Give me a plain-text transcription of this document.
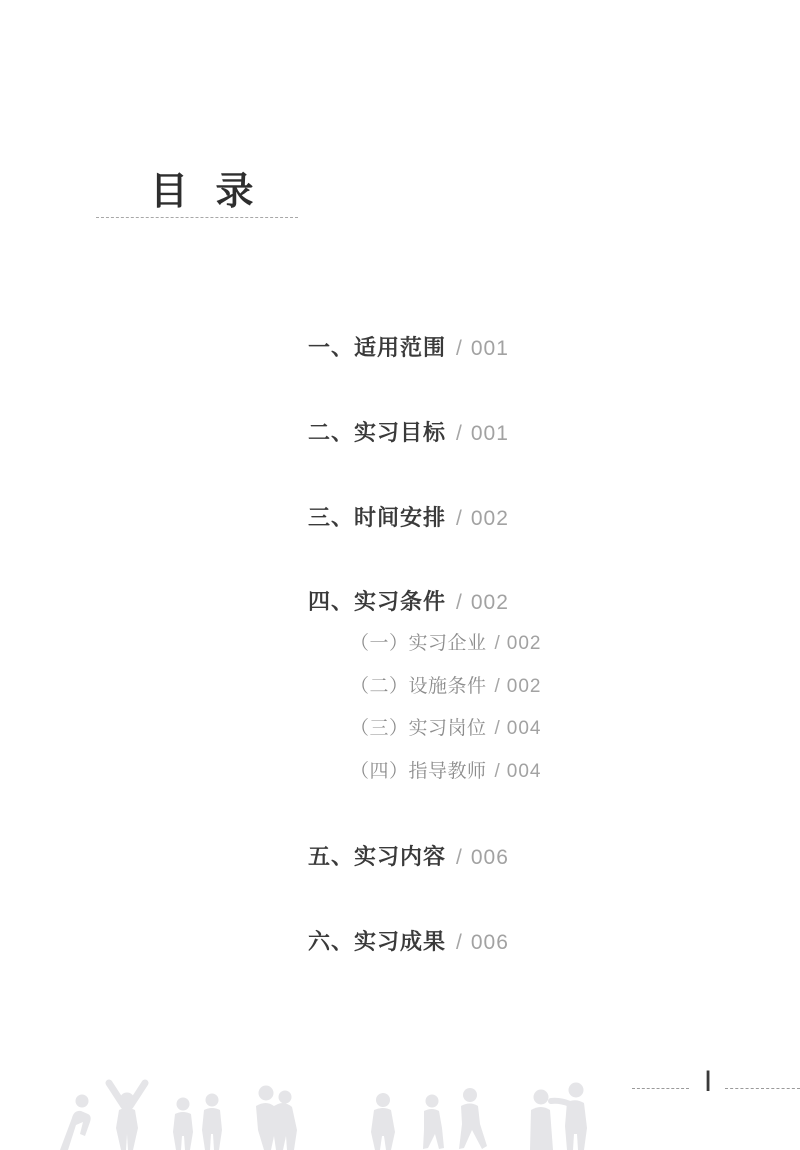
目 录
一、适用范围 / 001
二、实习目标 / 001
三、时间安排 / 002
四、实习条件 / 002
（一）实习企业 / 002
（二）设施条件 / 002
（三）实习岗位 / 004
（四）指导教师 / 004
五、实习内容 / 006
六、实习成果 / 006
I
